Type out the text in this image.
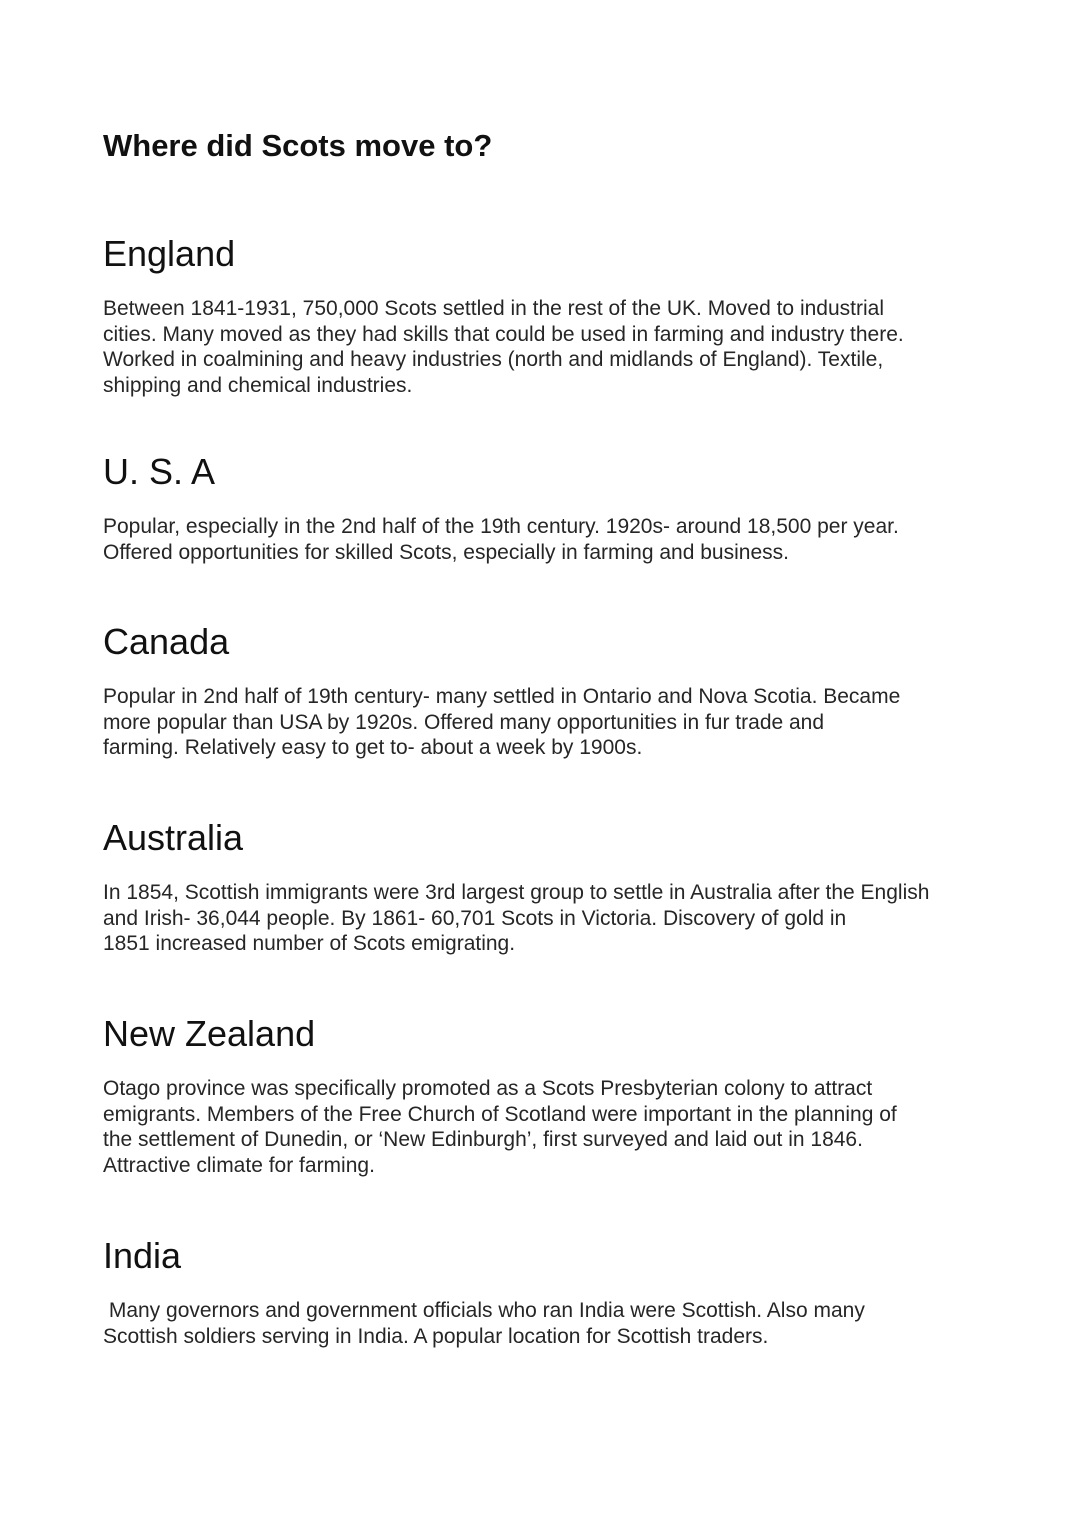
Where did Scots move to?
England

Between 1841-1931, 750,000 Scots settled in the rest of the UK. Moved to industrial
cities. Many moved as they had skills that could be used in farming and industry there.
Worked in coalmining and heavy industries (north and midlands of England). Textile,
shipping and chemical industries.

U. S. A

Popular, especially in the 2nd half of the 19th century. 1920s- around 18,500 per year.
Offered opportunities for skilled Scots, especially in farming and business.

Canada

Popular in 2nd half of 19th century- many settled in Ontario and Nova Scotia. Became
more popular than USA by 1920s. Offered many opportunities in fur trade and
farming. Relatively easy to get to- about a week by 1900s.

Australia

In 1854, Scottish immigrants were 3rd largest group to settle in Australia after the English
and Irish- 36,044 people. By 1861- 60,701 Scots in Victoria. Discovery of gold in
1851 increased number of Scots emigrating.

New Zealand

Otago province was specifically promoted as a Scots Presbyterian colony to attract
emigrants. Members of the Free Church of Scotland were important in the planning of
the settlement of Dunedin, or ‘New Edinburgh’, first surveyed and laid out in 1846.
Attractive climate for farming.

India

Many governors and government officials who ran India were Scottish. Also many
Scottish soldiers serving in India. A popular location for Scottish traders.
